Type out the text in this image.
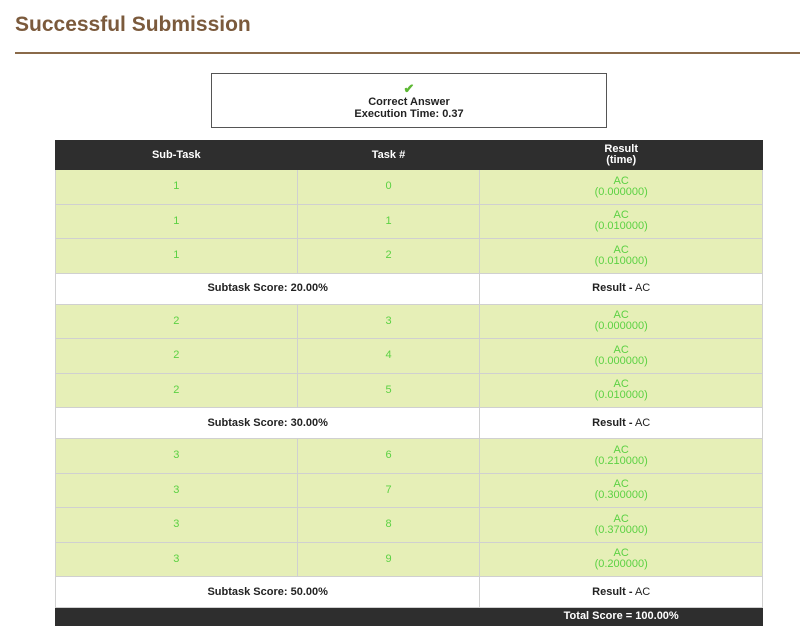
Successful Submission
✔
Correct Answer
Execution Time: 0.37
Sub-Task	Task #	Result
(time)
1	0	AC
(0.000000)
1	1	AC
(0.010000)
1	2	AC
(0.010000)
Subtask Score: 20.00%		Result - AC
2	3	AC
(0.000000)
2	4	AC
(0.000000)
2	5	AC
(0.010000)
Subtask Score: 30.00%		Result - AC
3	6	AC
(0.210000)
3	7	AC
(0.300000)
3	8	AC
(0.370000)
3	9	AC
(0.200000)
Subtask Score: 50.00%		Result - AC
		Total Score = 100.00%
